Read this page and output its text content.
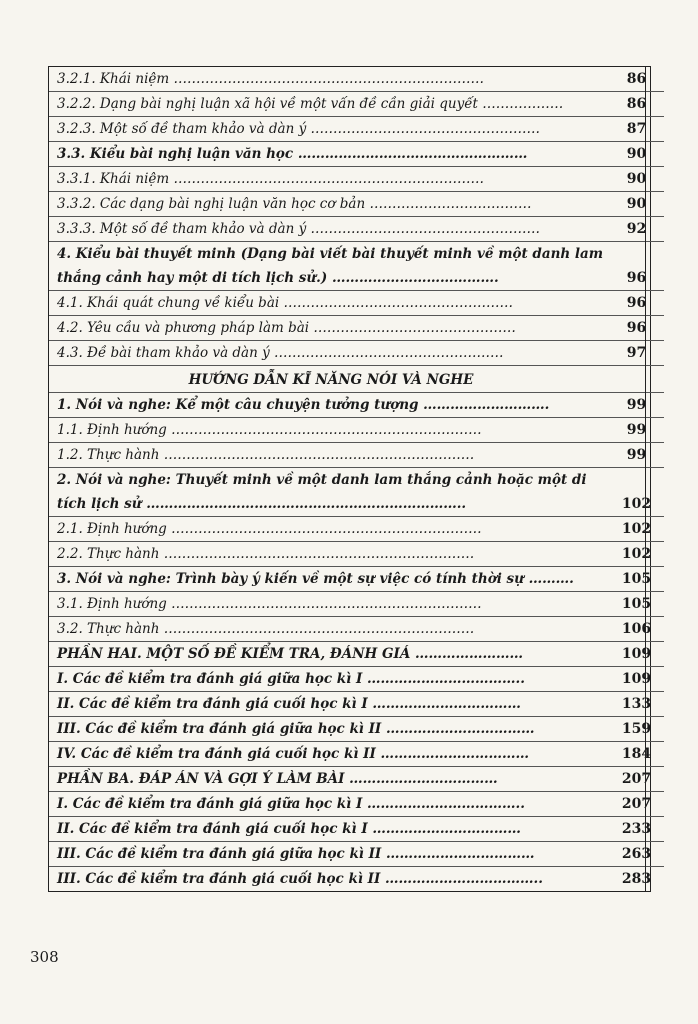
3.2.1. Khái niệm ……………………………………………………………	86
3.2.2. Dạng bài nghị luận xã hội về một vấn đề cần giải quyết ………………	86
3.2.3. Một số đề tham khảo và dàn ý ……………………………………………	87
3.3. Kiểu bài nghị luận văn học ……………………………………………	90
3.3.1. Khái niệm ……………………………………………………………	90
3.3.2. Các dạng bài nghị luận văn học cơ bản ………………………………	90
3.3.3. Một số đề tham khảo và dàn ý ……………………………………………	92
4. Kiểu bài thuyết minh (Dạng bài viết bài thuyết minh về một danh lam thắng cảnh hay một di tích lịch sử.) ……………………………….	96
4.1. Khái quát chung về kiểu bài ……………………………………………	96
4.2. Yêu cầu và phương pháp làm bài ………………………………………	96
4.3. Đề bài tham khảo và dàn ý ……………………………………………	97
HƯỚNG DẪN KĨ NĂNG NÓI VÀ NGHE	
1. Nói và nghe: Kể một câu chuyện tưởng tượng ……………………….	99
1.1. Định hướng ……………………………………………………………	99
1.2. Thực hành ……………………………………………………………	99
2. Nói và nghe: Thuyết minh về một danh lam thắng cảnh hoặc một di tích lịch sử ……………………………………………………………..	102
2.1. Định hướng ……………………………………………………………	102
2.2. Thực hành ……………………………………………………………	102
3. Nói và nghe: Trình bày ý kiến về một sự việc có tính thời sự ……….	105
3.1. Định hướng ……………………………………………………………	105
3.2. Thực hành ……………………………………………………………	106
PHẦN HAI. MỘT SỐ ĐỀ KIỂM TRA, ĐÁNH GIÁ ……………………	109
I. Các đề kiểm tra đánh giá giữa học kì I ……………………………..	109
II. Các đề kiểm tra đánh giá cuối học kì I ……………………………	133
III. Các đề kiểm tra đánh giá giữa học kì II ……………………………	159
IV. Các đề kiểm tra đánh giá cuối học kì II ……………………………	184
PHẦN BA. ĐÁP ÁN VÀ GỢI Ý LÀM BÀI ……………………………	207
I. Các đề kiểm tra đánh giá giữa học kì I ……………………………..	207
II. Các đề kiểm tra đánh giá cuối học kì I ……………………………	233
III. Các đề kiểm tra đánh giá giữa học kì II ……………………………	263
III. Các đề kiểm tra đánh giá cuối học kì II ……………………………..	283
308
